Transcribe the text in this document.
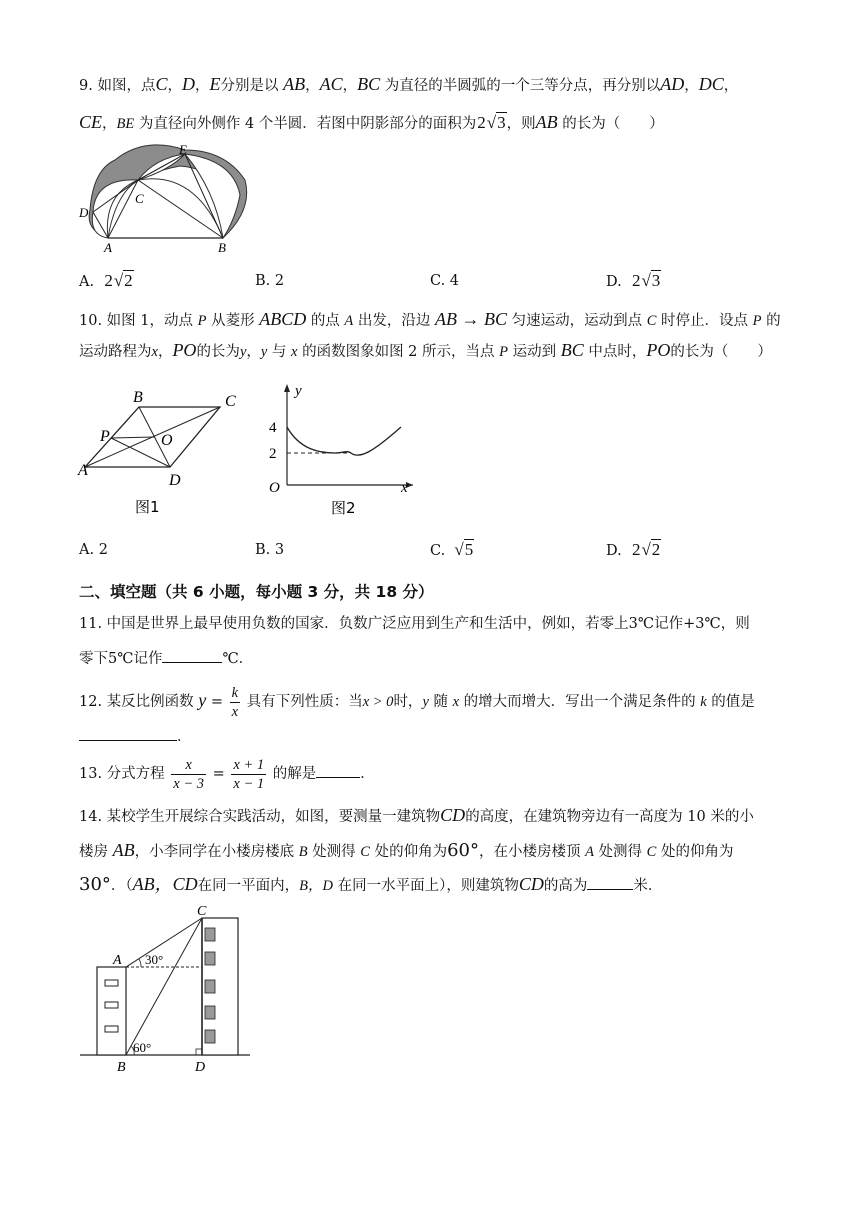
9. 如图，点C，D，E分别是以 AB，AC，BC 为直径的半圆弧的一个三等分点，再分别以AD，DC，
CE，BE 为直径向外侧作 4 个半圆．若图中阴影部分的面积为2√3，则AB 的长为（　　）
E
C
D
A	B
A. 2√2	B. 2	C. 4	D. 2√3
10. 如图 1，动点 P 从菱形 ABCD 的点 A 出发，沿边 AB → BC 匀速运动，运动到点 C 时停止．设点 P 的
运动路程为x，PO的长为y，y 与 x 的函数图象如图 2 所示，当点 P 运动到 BC 中点时，PO的长为（　　）
B	C
P	O
A
D
图1
y
4
2
O	x
图2
A. 2	B. 3	C. √5	D. 2√2
二、填空题（共 6 小题，每小题 3 分，共 18 分）
11. 中国是世界上最早使用负数的国家．负数广泛应用到生产和生活中，例如，若零上3℃记作+3℃，则
零下5℃记作	℃．
12. 某反比例函数 $y = \frac{k}{x}$ 具有下列性质：当x > 0时，y 随 x 的增大而增大．写出一个满足条件的 k 的值是
．
13. 分式方程 $\frac{x}{x - 3} = \frac{x + 1}{x - 1}$ 的解是	．
14. 某校学生开展综合实践活动，如图，要测量一建筑物CD的高度，在建筑物旁边有一高度为 10 米的小
楼房 AB，小李同学在小楼房楼底 B 处测得 C 处的仰角为60°，在小楼房楼顶 A 处测得 C 处的仰角为
30°．（AB，CD在同一平面内，B，D 在同一水平面上），则建筑物CD的高为	米．
C
A 30°
60°
B	D
